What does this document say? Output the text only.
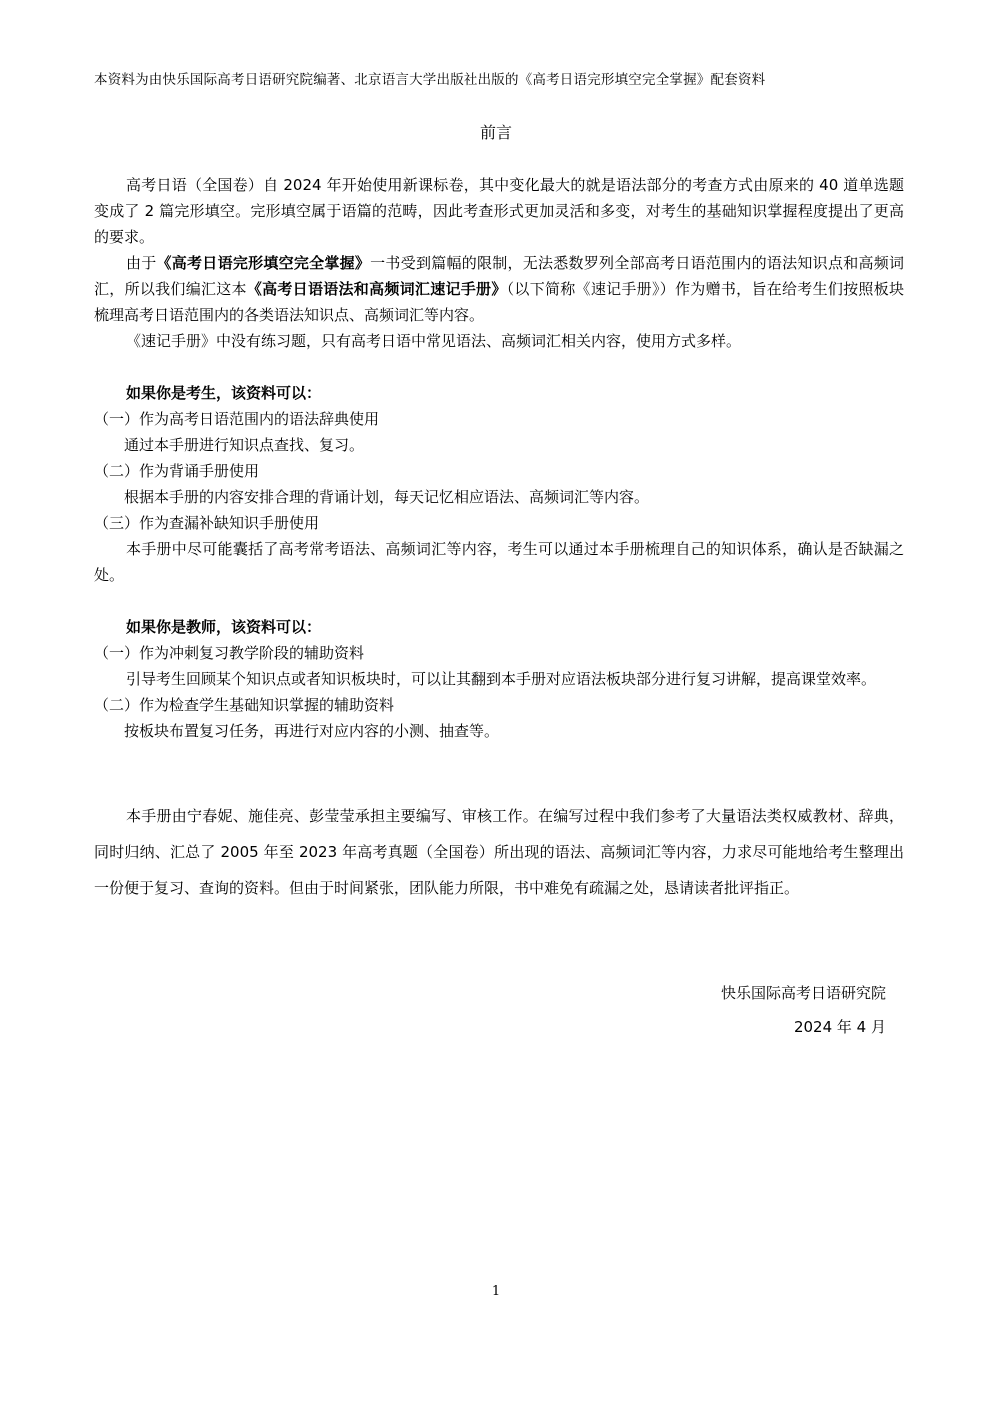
本资料为由快乐国际高考日语研究院编著、北京语言大学出版社出版的《高考日语完形填空完全掌握》配套资料
前言

高考日语（全国卷）自 2024 年开始使用新课标卷，其中变化最大的就是语法部分的考查方式由原来的 40 道单选题变成了 2 篇完形填空。完形填空属于语篇的范畴，因此考查形式更加灵活和多变，对考生的基础知识掌握程度提出了更高的要求。

由于《高考日语完形填空完全掌握》一书受到篇幅的限制，无法悉数罗列全部高考日语范围内的语法知识点和高频词汇，所以我们编汇这本《高考日语语法和高频词汇速记手册》（以下简称《速记手册》）作为赠书，旨在给考生们按照板块梳理高考日语范围内的各类语法知识点、高频词汇等内容。

《速记手册》中没有练习题，只有高考日语中常见语法、高频词汇相关内容，使用方式多样。

如果你是考生，该资料可以：

（一）作为高考日语范围内的语法辞典使用

通过本手册进行知识点查找、复习。

（二）作为背诵手册使用

根据本手册的内容安排合理的背诵计划，每天记忆相应语法、高频词汇等内容。

（三）作为查漏补缺知识手册使用

本手册中尽可能囊括了高考常考语法、高频词汇等内容，考生可以通过本手册梳理自己的知识体系，确认是否缺漏之处。

如果你是教师，该资料可以：

（一）作为冲刺复习教学阶段的辅助资料

引导考生回顾某个知识点或者知识板块时，可以让其翻到本手册对应语法板块部分进行复习讲解，提高课堂效率。

（二）作为检查学生基础知识掌握的辅助资料

按板块布置复习任务，再进行对应内容的小测、抽查等。

本手册由宁春妮、施佳亮、彭莹莹承担主要编写、审核工作。在编写过程中我们参考了大量语法类权威教材、辞典，同时归纳、汇总了 2005 年至 2023 年高考真题（全国卷）所出现的语法、高频词汇等内容，力求尽可能地给考生整理出一份便于复习、查询的资料。但由于时间紧张，团队能力所限，书中难免有疏漏之处，恳请读者批评指正。

快乐国际高考日语研究院
2024 年 4 月
1
